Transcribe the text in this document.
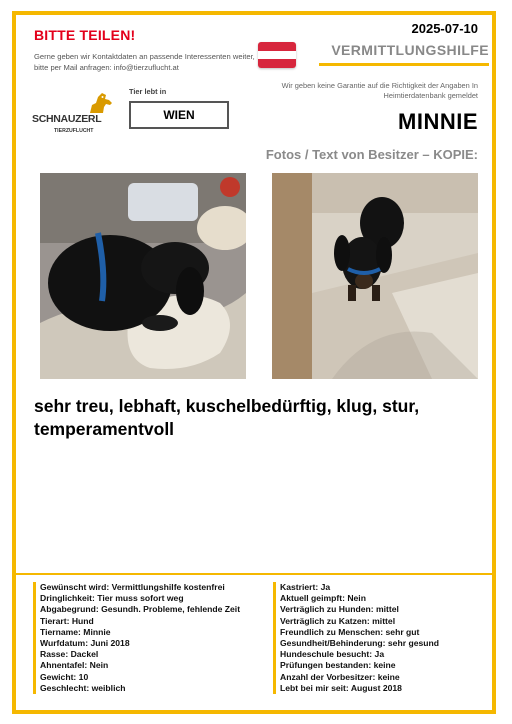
BITTE TEILEN!	2025-07-10
Gerne geben wir Kontaktdaten an passende Interessenten weiter, bitte per Mail anfragen: info@tierzuflucht.at
VERMITTLUNGSHILFE
Wir geben keine Garantie auf die Richtigkeit der Angaben In Heimtierdatenbank gemeldet
SCHNAUZERL
TIERZUFLUCHT
Tier lebt in
WIEN	MINNIE
Fotos / Text von Besitzer – KOPIE:
sehr treu, lebhaft, kuschelbedürftig, klug, stur, temperamentvoll
Gewünscht wird: Vermittlungshilfe kostenfrei
Dringlichkeit: Tier muss sofort weg
Abgabegrund: Gesundh. Probleme, fehlende Zeit
Tierart: Hund
Tiername: Minnie
Wurfdatum: Juni 2018
Rasse: Dackel
Ahnentafel: Nein
Gewicht: 10
Geschlecht: weiblich
Kastriert: Ja
Aktuell geimpft: Nein
Verträglich zu Hunden: mittel
Verträglich zu Katzen: mittel
Freundlich zu Menschen: sehr gut
Gesundheit/Behinderung: sehr gesund
Hundeschule besucht: Ja
Prüfungen bestanden: keine
Anzahl der Vorbesitzer: keine
Lebt bei mir seit: August 2018
